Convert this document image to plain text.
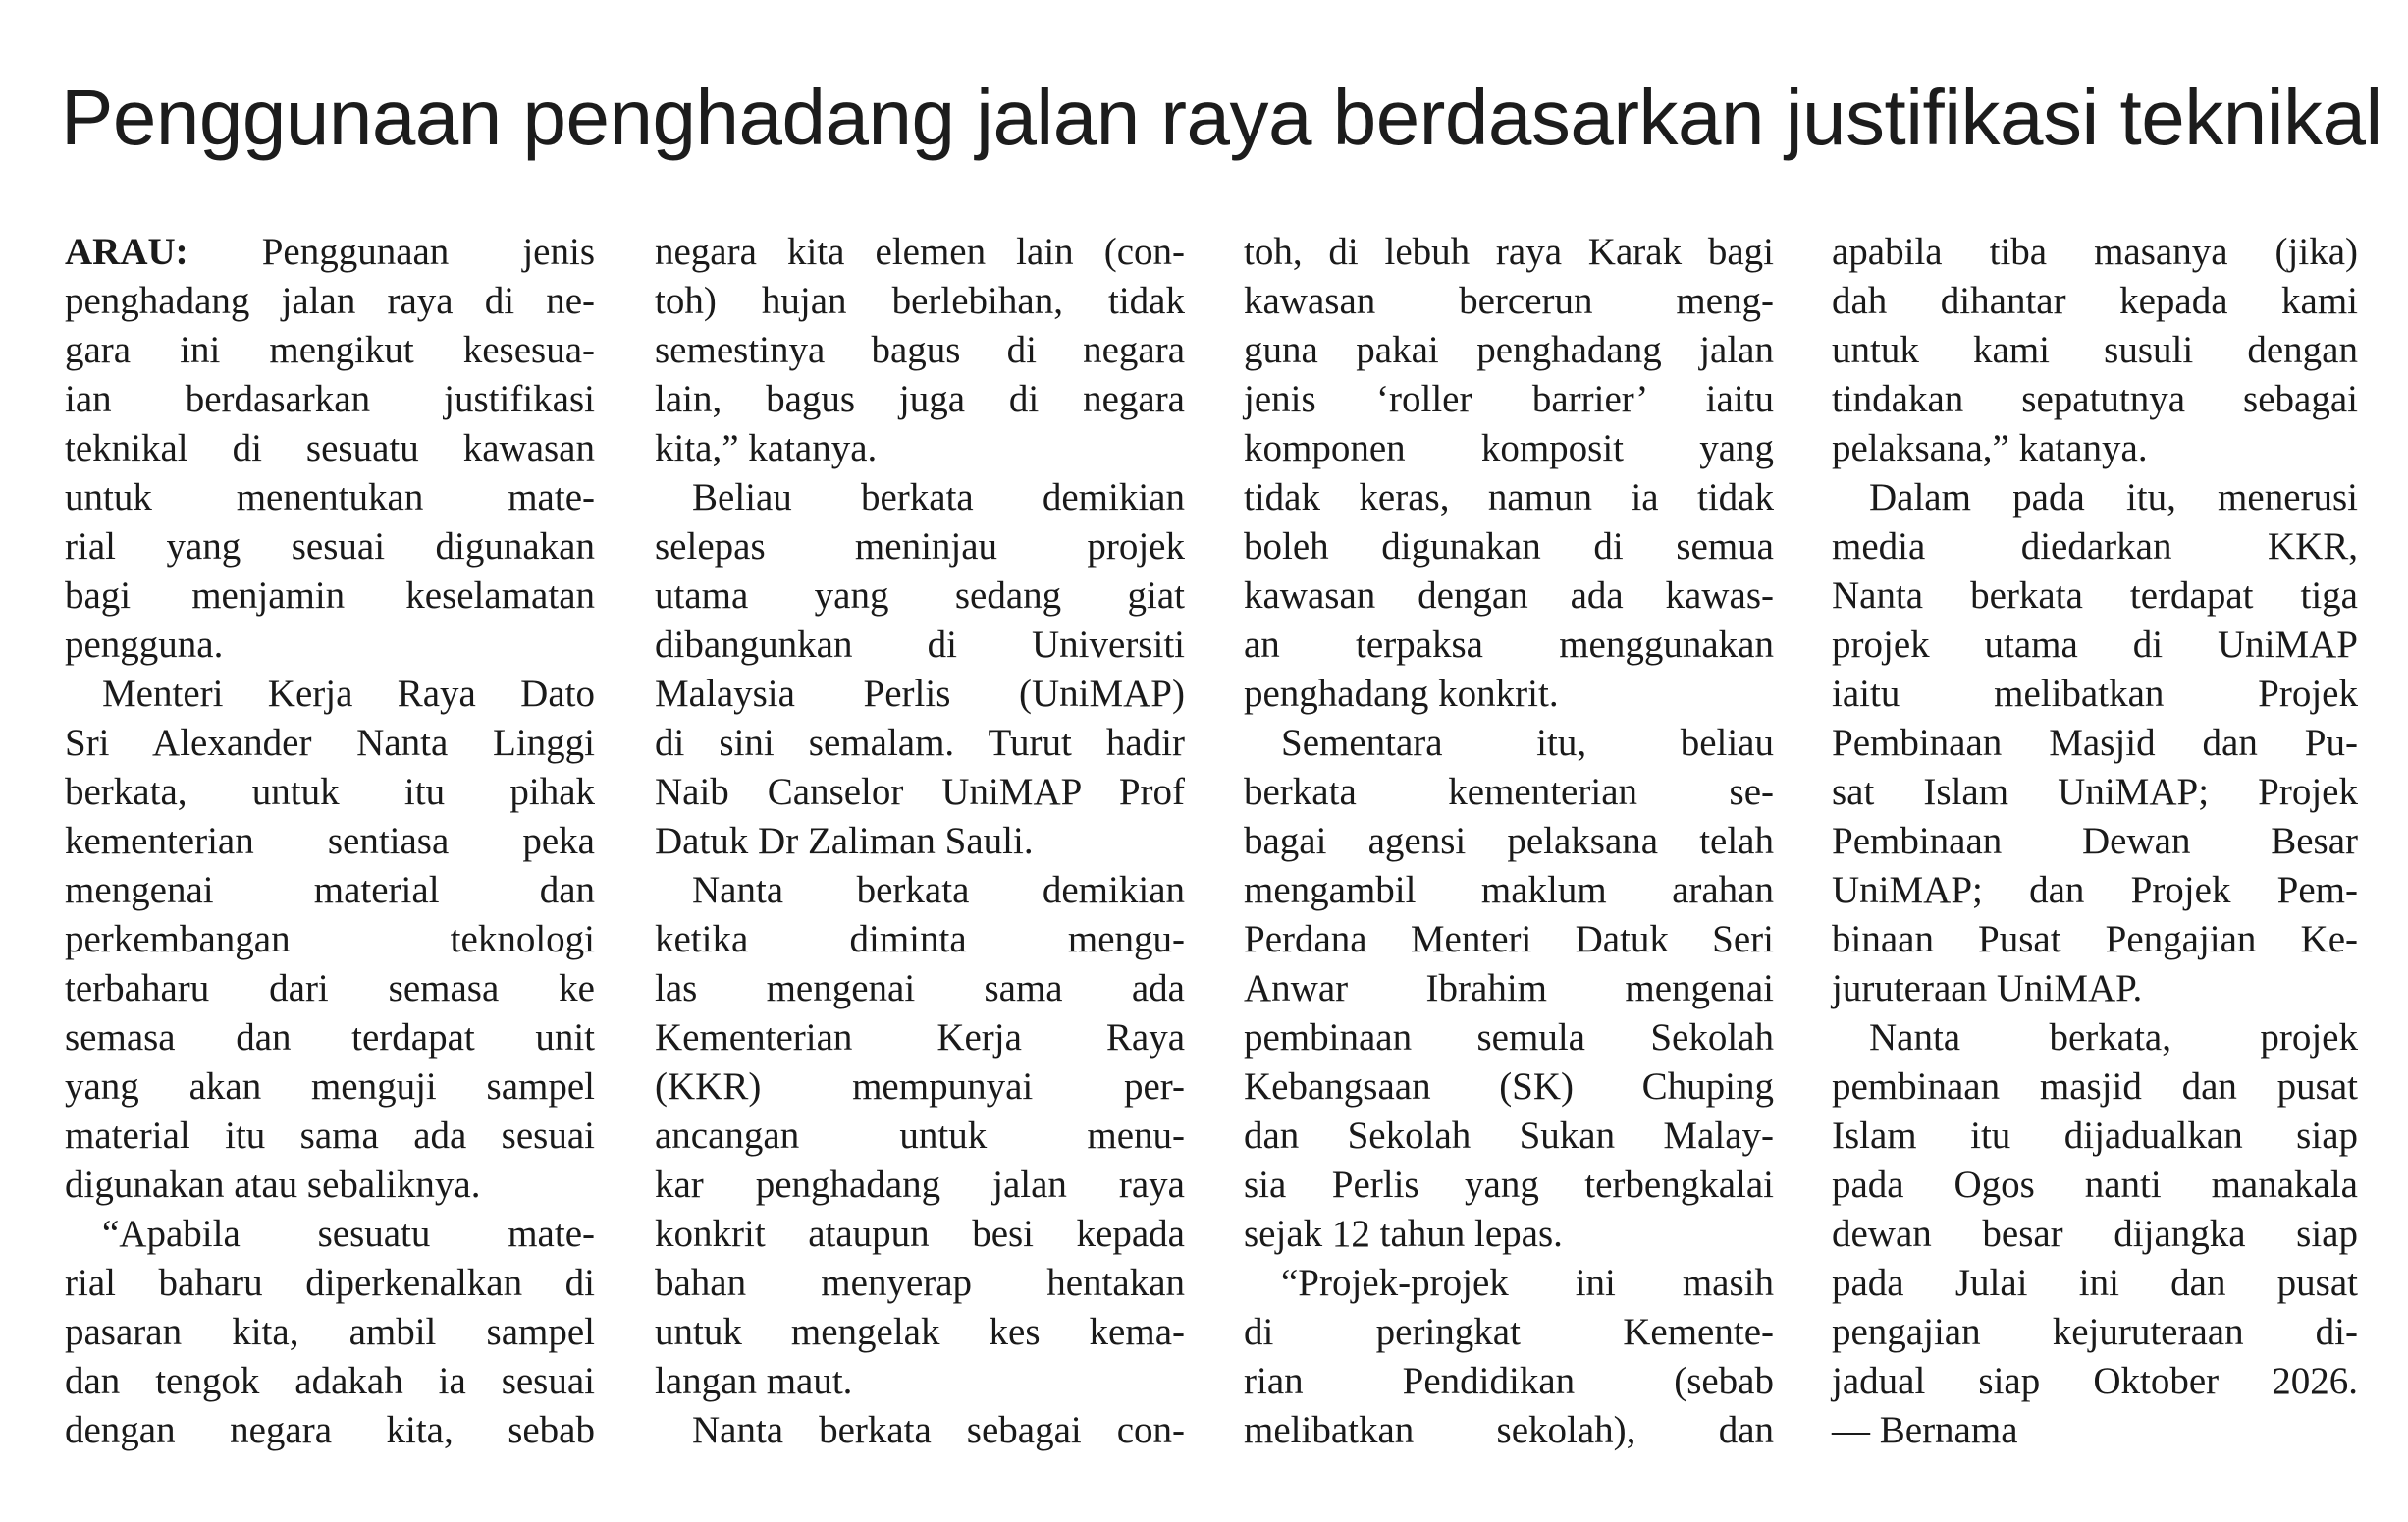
Penggunaan penghadang jalan raya berdasarkan justifikasi teknikal
ARAU: Penggunaan jenis
penghadang jalan raya di ne-
gara ini mengikut kesesua-
ian berdasarkan justifikasi
teknikal di sesuatu kawasan
untuk menentukan mate-
rial yang sesuai digunakan
bagi menjamin keselamatan
pengguna.
Menteri Kerja Raya Dato
Sri Alexander Nanta Linggi
berkata, untuk itu pihak
kementerian sentiasa peka
mengenai material dan
perkembangan teknologi
terbaharu dari semasa ke
semasa dan terdapat unit
yang akan menguji sampel
material itu sama ada sesuai
digunakan atau sebaliknya.
“Apabila sesuatu mate-
rial baharu diperkenalkan di
pasaran kita, ambil sampel
dan tengok adakah ia sesuai
dengan negara kita, sebab
negara kita elemen lain (con-
toh) hujan berlebihan, tidak
semestinya bagus di negara
lain, bagus juga di negara
kita,” katanya.
Beliau berkata demikian
selepas meninjau projek
utama yang sedang giat
dibangunkan di Universiti
Malaysia Perlis (UniMAP)
di sini semalam. Turut hadir
Naib Canselor UniMAP Prof
Datuk Dr Zaliman Sauli.
Nanta berkata demikian
ketika diminta mengu-
las mengenai sama ada
Kementerian Kerja Raya
(KKR) mempunyai per-
ancangan untuk menu-
kar penghadang jalan raya
konkrit ataupun besi kepada
bahan menyerap hentakan
untuk mengelak kes kema-
langan maut.
Nanta berkata sebagai con-
toh, di lebuh raya Karak bagi
kawasan bercerun meng-
guna pakai penghadang jalan
jenis ‘roller barrier’ iaitu
komponen komposit yang
tidak keras, namun ia tidak
boleh digunakan di semua
kawasan dengan ada kawas-
an terpaksa menggunakan
penghadang konkrit.
Sementara itu, beliau
berkata kementerian se-
bagai agensi pelaksana telah
mengambil maklum arahan
Perdana Menteri Datuk Seri
Anwar Ibrahim mengenai
pembinaan semula Sekolah
Kebangsaan (SK) Chuping
dan Sekolah Sukan Malay-
sia Perlis yang terbengkalai
sejak 12 tahun lepas.
“Projek-projek ini masih
di peringkat Kemente-
rian Pendidikan (sebab
melibatkan sekolah), dan
apabila tiba masanya (jika)
dah dihantar kepada kami
untuk kami susuli dengan
tindakan sepatutnya sebagai
pelaksana,” katanya.
Dalam pada itu, menerusi
media diedarkan KKR,
Nanta berkata terdapat tiga
projek utama di UniMAP
iaitu melibatkan Projek
Pembinaan Masjid dan Pu-
sat Islam UniMAP; Projek
Pembinaan Dewan Besar
UniMAP; dan Projek Pem-
binaan Pusat Pengajian Ke-
juruteraan UniMAP.
Nanta berkata, projek
pembinaan masjid dan pusat
Islam itu dijadualkan siap
pada Ogos nanti manakala
dewan besar dijangka siap
pada Julai ini dan pusat
pengajian kejuruteraan di-
jadual siap Oktober 2026.
— Bernama
